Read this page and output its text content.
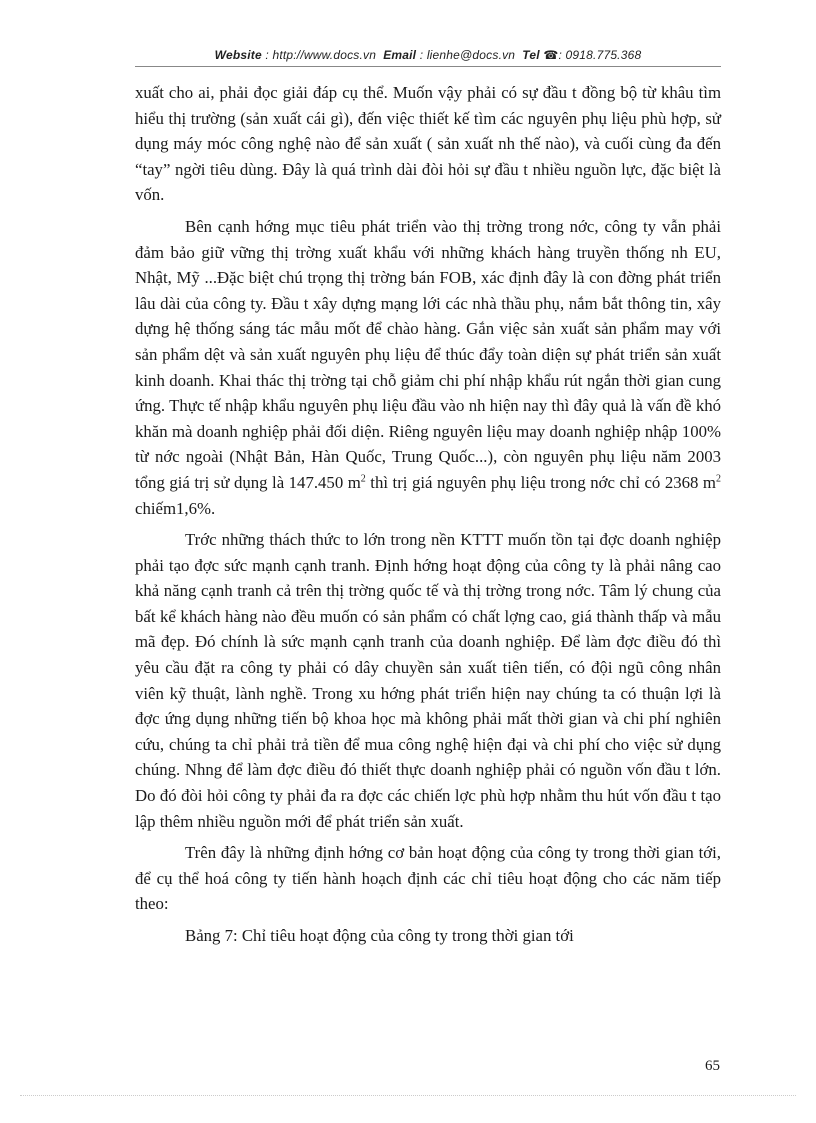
Website : http://www.docs.vn Email : lienhe@docs.vn Tel ☎: 0918.775.368

xuất cho ai, phải đọc giải đáp cụ thể. Muốn vậy phải có sự đầu t đồng bộ từ khâu tìm hiểu thị trường (sản xuất cái gì), đến việc thiết kế tìm các nguyên phụ liệu phù hợp, sử dụng máy móc công nghệ nào để sản xuất ( sản xuất nh thế nào), và cuối cùng đa đến “tay” ngời tiêu dùng. Đây là quá trình dài đòi hỏi sự đầu t nhiều nguồn lực, đặc biệt là vốn.

Bên cạnh hớng mục tiêu phát triển vào thị trờng trong nớc, công ty vẫn phải đảm bảo giữ vững thị trờng xuất khẩu với những khách hàng truyền thống nh EU, Nhật, Mỹ ...Đặc biệt chú trọng thị trờng bán FOB, xác định đây là con đờng phát triển lâu dài của công ty. Đầu t xây dựng mạng lới các nhà thầu phụ, nắm bắt thông tin, xây dựng hệ thống sáng tác mẫu mốt để chào hàng. Gắn việc sản xuất sản phẩm may với sản phẩm dệt và sản xuất nguyên phụ liệu để thúc đẩy toàn diện sự phát triển sản xuất kinh doanh. Khai thác thị trờng tại chỗ giảm chi phí nhập khẩu rút ngắn thời gian cung ứng. Thực tế nhập khẩu nguyên phụ liệu đầu vào nh hiện nay thì đây quả là vấn đề khó khăn mà doanh nghiệp phải đối diện. Riêng nguyên liệu may doanh nghiệp nhập 100% từ nớc ngoài (Nhật Bản, Hàn Quốc, Trung Quốc...), còn nguyên phụ liệu năm 2003 tổng giá trị sử dụng là 147.450 $m^2$ thì trị giá nguyên phụ liệu trong nớc chỉ có 2368 $m^2$ chiếm1,6%.

Trớc những thách thức to lớn trong nền KTTT muốn tồn tại đợc doanh nghiệp phải tạo đợc sức mạnh cạnh tranh. Định hớng hoạt động của công ty là phải nâng cao khả năng cạnh tranh cả trên thị trờng quốc tế và thị trờng trong nớc. Tâm lý chung của bất kể khách hàng nào đều muốn có sản phẩm có chất lợng cao, giá thành thấp và mẫu mã đẹp. Đó chính là sức mạnh cạnh tranh của doanh nghiệp. Để làm đợc điều đó thì yêu cầu đặt ra công ty phải có dây chuyền sản xuất tiên tiến, có đội ngũ công nhân viên kỹ thuật, lành nghề. Trong xu hớng phát triển hiện nay chúng ta có thuận lợi là đợc ứng dụng những tiến bộ khoa học mà không phải mất thời gian và chi phí nghiên cứu, chúng ta chỉ phải trả tiền để mua công nghệ hiện đại và chi phí cho việc sử dụng chúng. Nhng để làm đợc điều đó thiết thực doanh nghiệp phải có nguồn vốn đầu t lớn. Do đó đòi hỏi công ty phải đa ra đợc các chiến lợc phù hợp nhằm thu hút vốn đầu t tạo lập thêm nhiều nguồn mới để phát triển sản xuất.

Trên đây là những định hớng cơ bản hoạt động của công ty trong thời gian tới, để cụ thể hoá công ty tiến hành hoạch định các chỉ tiêu hoạt động cho các năm tiếp theo:

Bảng 7: Chỉ tiêu hoạt động của công ty trong thời gian tới

65
